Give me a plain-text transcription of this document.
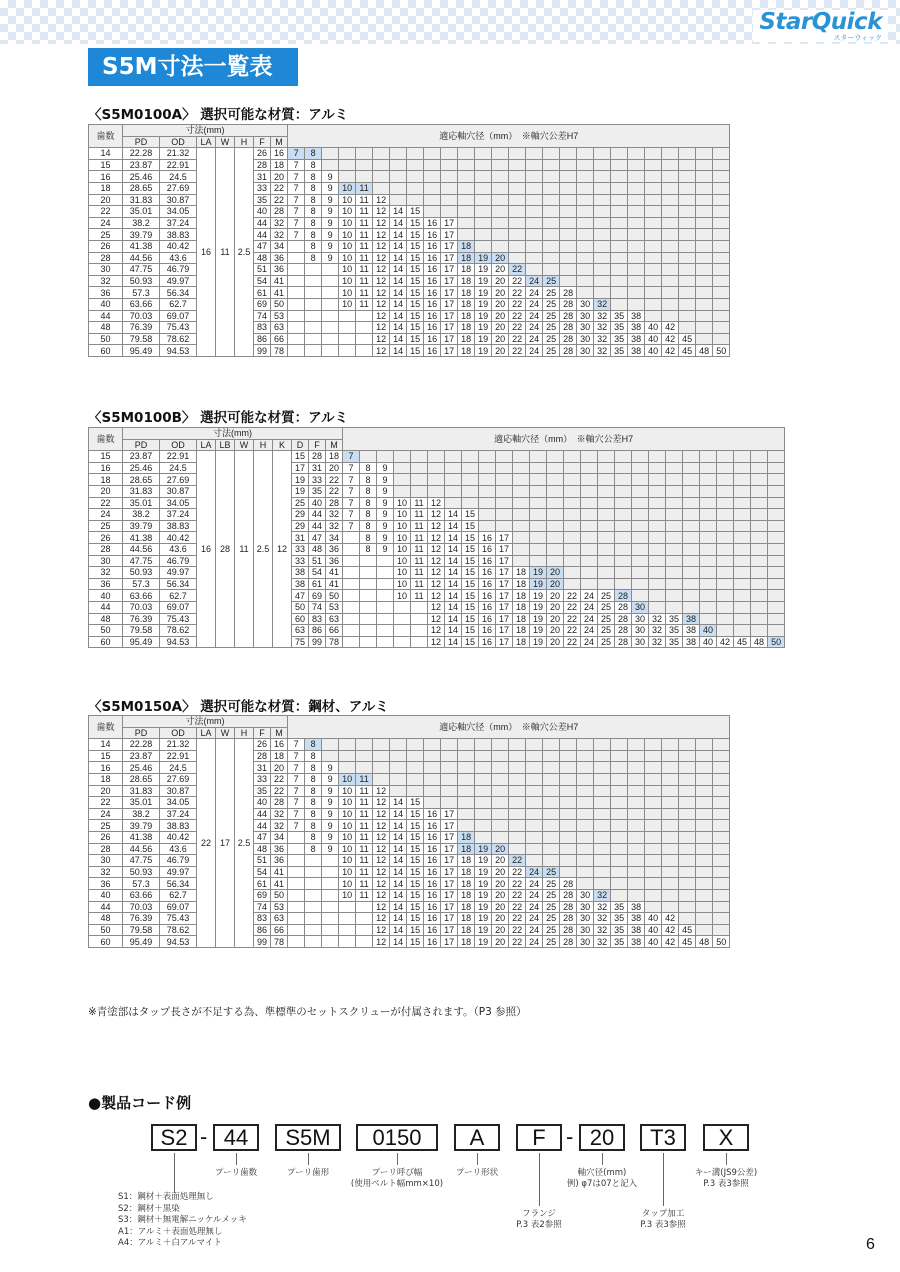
StarQuick
スターウィック
S5M寸法一覧表
〈S5M0100A〉 選択可能な材質：アルミ
歯数	寸法(mm)							適応軸穴径（mm）　※軸穴公差H7																									
	PD	OD	LA	W	H	F	M																										
14	22.28	21.32	16	11	2.5	26	16	7	8																								
15	23.87	22.91				28	18	7	8																								
16	25.46	24.5				31	20	7	8	9																							
18	28.65	27.69				33	22	7	8	9	10	11																					
20	31.83	30.87				35	22	7	8	9	10	11	12																				
22	35.01	34.05				40	28	7	8	9	10	11	12	14	15																		
24	38.2	37.24				44	32	7	8	9	10	11	12	14	15	16	17																
25	39.79	38.83				44	32	7	8	9	10	11	12	14	15	16	17																
26	41.38	40.42				47	34		8	9	10	11	12	14	15	16	17	18															
28	44.56	43.6				48	36		8	9	10	11	12	14	15	16	17	18	19	20													
30	47.75	46.79				51	36				10	11	12	14	15	16	17	18	19	20	22												
32	50.93	49.97				54	41				10	11	12	14	15	16	17	18	19	20	22	24	25										
36	57.3	56.34				61	41				10	11	12	14	15	16	17	18	19	20	22	24	25	28									
40	63.66	62.7				69	50				10	11	12	14	15	16	17	18	19	20	22	24	25	28	30	32							
44	70.03	69.07				74	53						12	14	15	16	17	18	19	20	22	24	25	28	30	32	35	38					
48	76.39	75.43				83	63						12	14	15	16	17	18	19	20	22	24	25	28	30	32	35	38	40	42			
50	79.58	78.62				86	66						12	14	15	16	17	18	19	20	22	24	25	28	30	32	35	38	40	42	45		
60	95.49	94.53				99	78						12	14	15	16	17	18	19	20	22	24	25	28	30	32	35	38	40	42	45	48	50
〈S5M0100B〉 選択可能な材質：アルミ
歯数	寸法(mm)										適応軸穴径（mm）　※軸穴公差H7																									
	PD	OD	LA	LB	W	H	K	D	F	M																										
15	23.87	22.91	16	28	11	2.5	12	15	28	18	7																									
16	25.46	24.5						17	31	20	7	8	9																							
18	28.65	27.69						19	33	22	7	8	9																							
20	31.83	30.87						19	35	22	7	8	9																							
22	35.01	34.05						25	40	28	7	8	9	10	11	12																				
24	38.2	37.24						29	44	32	7	8	9	10	11	12	14	15																		
25	39.79	38.83						29	44	32	7	8	9	10	11	12	14	15																		
26	41.38	40.42						31	47	34		8	9	10	11	12	14	15	16	17																
28	44.56	43.6						33	48	36		8	9	10	11	12	14	15	16	17																
30	47.75	46.79						33	51	36				10	11	12	14	15	16	17																
32	50.93	49.97						38	54	41				10	11	12	14	15	16	17	18	19	20													
36	57.3	56.34						38	61	41				10	11	12	14	15	16	17	18	19	20													
40	63.66	62.7						47	69	50				10	11	12	14	15	16	17	18	19	20	22	24	25	28									
44	70.03	69.07						50	74	53						12	14	15	16	17	18	19	20	22	24	25	28	30								
48	76.39	75.43						60	83	63						12	14	15	16	17	18	19	20	22	24	25	28	30	32	35	38					
50	79.58	78.62						63	86	66						12	14	15	16	17	18	19	20	22	24	25	28	30	32	35	38	40				
60	95.49	94.53						75	99	78						12	14	15	16	17	18	19	20	22	24	25	28	30	32	35	38	40	42	45	48	50
〈S5M0150A〉 選択可能な材質：鋼材、アルミ
歯数	寸法(mm)							適応軸穴径（mm）　※軸穴公差H7																									
	PD	OD	LA	W	H	F	M																										
14	22.28	21.32	22	17	2.5	26	16	7	8																								
15	23.87	22.91				28	18	7	8																								
16	25.46	24.5				31	20	7	8	9																							
18	28.65	27.69				33	22	7	8	9	10	11																					
20	31.83	30.87				35	22	7	8	9	10	11	12																				
22	35.01	34.05				40	28	7	8	9	10	11	12	14	15																		
24	38.2	37.24				44	32	7	8	9	10	11	12	14	15	16	17																
25	39.79	38.83				44	32	7	8	9	10	11	12	14	15	16	17																
26	41.38	40.42				47	34		8	9	10	11	12	14	15	16	17	18															
28	44.56	43.6				48	36		8	9	10	11	12	14	15	16	17	18	19	20													
30	47.75	46.79				51	36				10	11	12	14	15	16	17	18	19	20	22												
32	50.93	49.97				54	41				10	11	12	14	15	16	17	18	19	20	22	24	25										
36	57.3	56.34				61	41				10	11	12	14	15	16	17	18	19	20	22	24	25	28									
40	63.66	62.7				69	50				10	11	12	14	15	16	17	18	19	20	22	24	25	28	30	32							
44	70.03	69.07				74	53						12	14	15	16	17	18	19	20	22	24	25	28	30	32	35	38					
48	76.39	75.43				83	63						12	14	15	16	17	18	19	20	22	24	25	28	30	32	35	38	40	42			
50	79.58	78.62				86	66						12	14	15	16	17	18	19	20	22	24	25	28	30	32	35	38	40	42	45		
60	95.49	94.53				99	78						12	14	15	16	17	18	19	20	22	24	25	28	30	32	35	38	40	42	45	48	50
※青塗部はタップ長さが不足する為、準標準のセットスクリューが付属されます。（P3 参照）
●製品コード例
S2 - 44	S5M	0150	A	F - 20	T3	X
プーリ歯数	プーリ歯形	プーリ呼び幅
(使用ベルト幅mm×10)
プーリ形状	軸穴径(mm)
例) φ7は07と記入
キー溝(JS9公差)
P.3 表3参照
フランジ
P.3 表2参照
タップ加工
P.3 表3参照
S1：鋼材＋表面処理無し
S2：鋼材＋黒染
S3：鋼材＋無電解ニッケルメッキ
A1：アルミ＋表面処理無し
A4：アルミ＋白アルマイト	6
